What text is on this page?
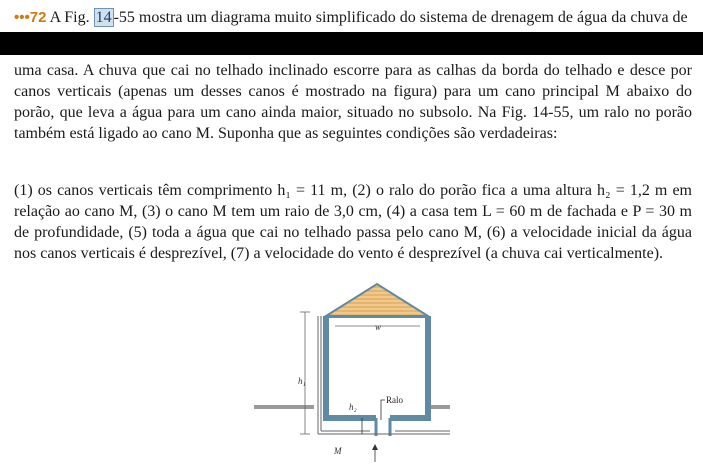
•••72 A Fig. 14 -55 mostra um diagrama muito simplificado do sistema de drenagem de água da chuva de
uma casa. A chuva que cai no telhado inclinado escorre para as calhas da borda do telhado e desce por canos verticais (apenas um desses canos é mostrado na figura) para um cano principal M abaixo do porão, que leva a água para um cano ainda maior, situado no subsolo. Na Fig. 14-55, um ralo no porão também está ligado ao cano M. Suponha que as seguintes condições são verdadeiras:
(1) os canos verticais têm comprimento h₁ = 11 m, (2) o ralo do porão fica a uma altura h₂ = 1,2 m em relação ao cano M, (3) o cano M tem um raio de 3,0 cm, (4) a casa tem L = 60 m de fachada e P = 30 m de profundidade, (5) toda a água que cai no telhado passa pelo cano M, (6) a velocidade inicial da água nos canos verticais é desprezível, (7) a velocidade do vento é desprezível (a chuva cai verticalmente).
w
h₁
h₂
Ralo
M
